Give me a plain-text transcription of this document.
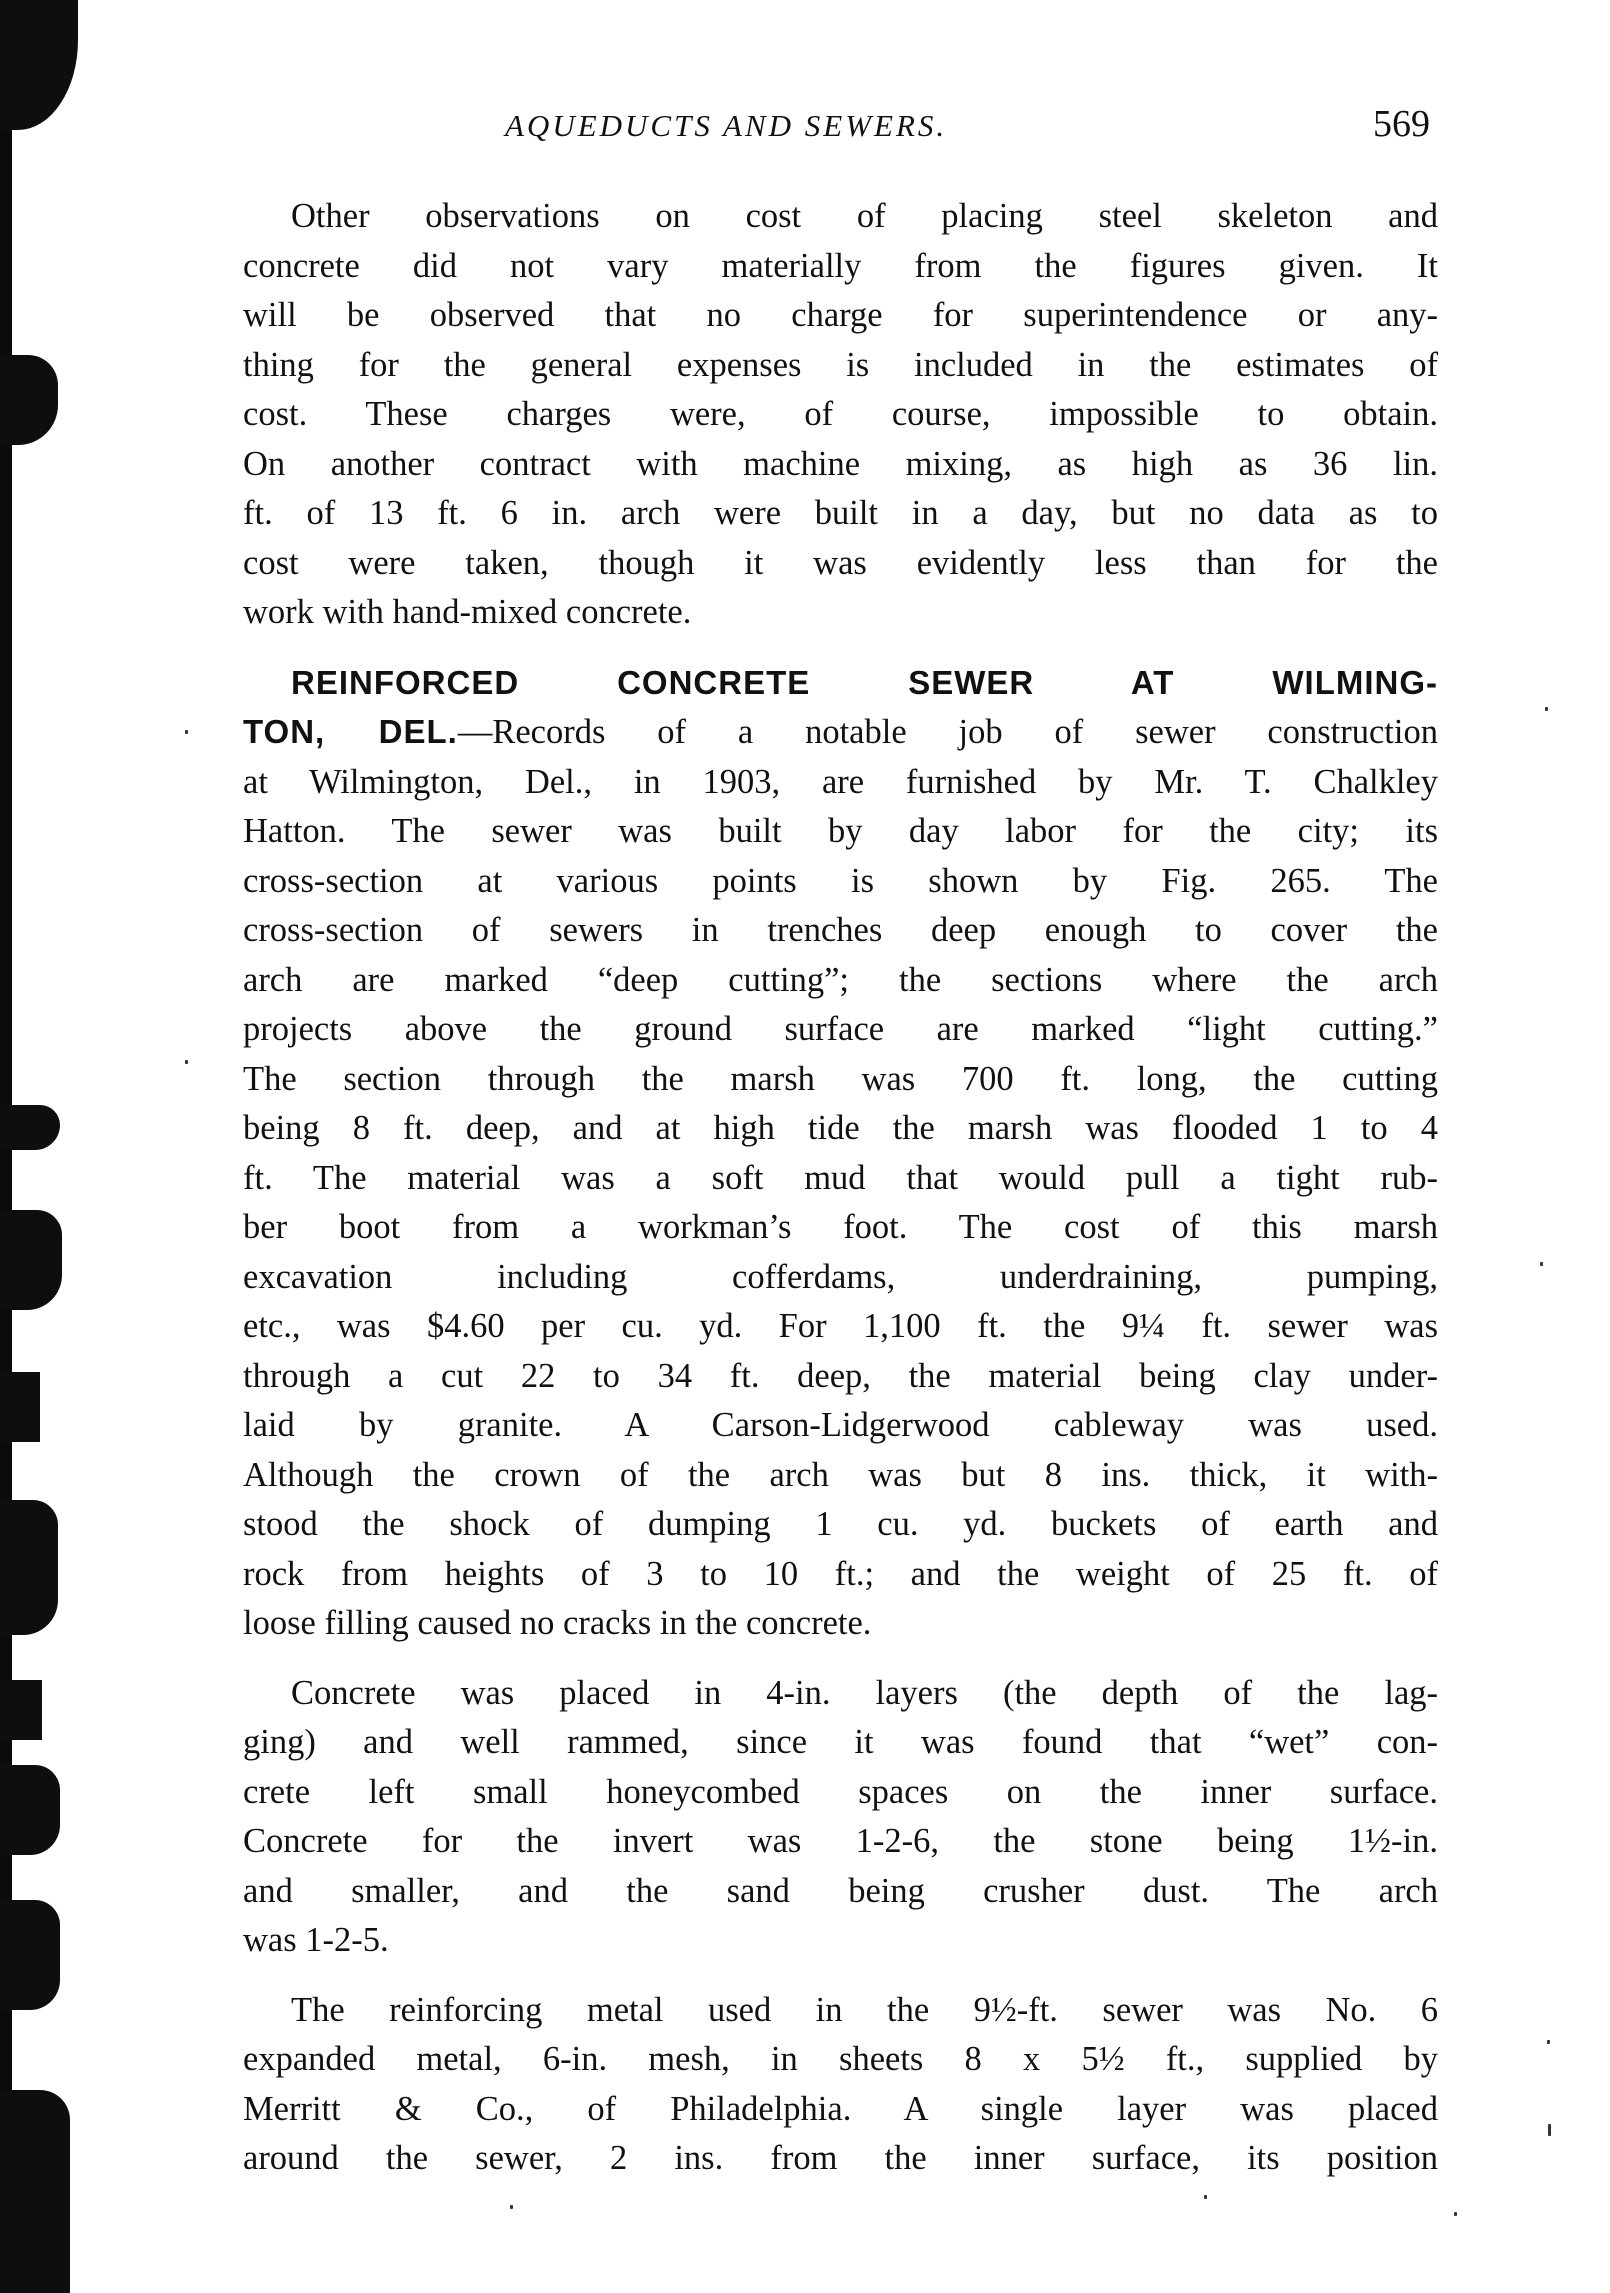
AQUEDUCTS AND SEWERS.	569

Other observations on cost of placing steel skeleton and
concrete did not vary materially from the figures given. It
will be observed that no charge for superintendence or any-
thing for the general expenses is included in the estimates of
cost. These charges were, of course, impossible to obtain.
On another contract with machine mixing, as high as 36 lin.
ft. of 13 ft. 6 in. arch were built in a day, but no data as to
cost were taken, though it was evidently less than for the
work with hand-mixed concrete.

REINFORCED CONCRETE SEWER AT WILMING-
TON, DEL.—Records of a notable job of sewer construction
at Wilmington, Del., in 1903, are furnished by Mr. T. Chalkley
Hatton. The sewer was built by day labor for the city; its
cross-section at various points is shown by Fig. 265. The
cross-section of sewers in trenches deep enough to cover the
arch are marked “deep cutting”; the sections where the arch
projects above the ground surface are marked “light cutting.”
The section through the marsh was 700 ft. long, the cutting
being 8 ft. deep, and at high tide the marsh was flooded 1 to 4
ft. The material was a soft mud that would pull a tight rub-
ber boot from a workman’s foot. The cost of this marsh
excavation including cofferdams, underdraining, pumping,
etc., was $4.60 per cu. yd. For 1,100 ft. the 9¼ ft. sewer was
through a cut 22 to 34 ft. deep, the material being clay under-
laid by granite. A Carson-Lidgerwood cableway was used.
Although the crown of the arch was but 8 ins. thick, it with-
stood the shock of dumping 1 cu. yd. buckets of earth and
rock from heights of 3 to 10 ft.; and the weight of 25 ft. of
loose filling caused no cracks in the concrete.

Concrete was placed in 4-in. layers (the depth of the lag-
ging) and well rammed, since it was found that “wet” con-
crete left small honeycombed spaces on the inner surface.
Concrete for the invert was 1-2-6, the stone being 1½-in.
and smaller, and the sand being crusher dust. The arch
was 1-2-5.

The reinforcing metal used in the 9½-ft. sewer was No. 6
expanded metal, 6-in. mesh, in sheets 8 x 5½ ft., supplied by
Merritt & Co., of Philadelphia. A single layer was placed
around the sewer, 2 ins. from the inner surface, its position
